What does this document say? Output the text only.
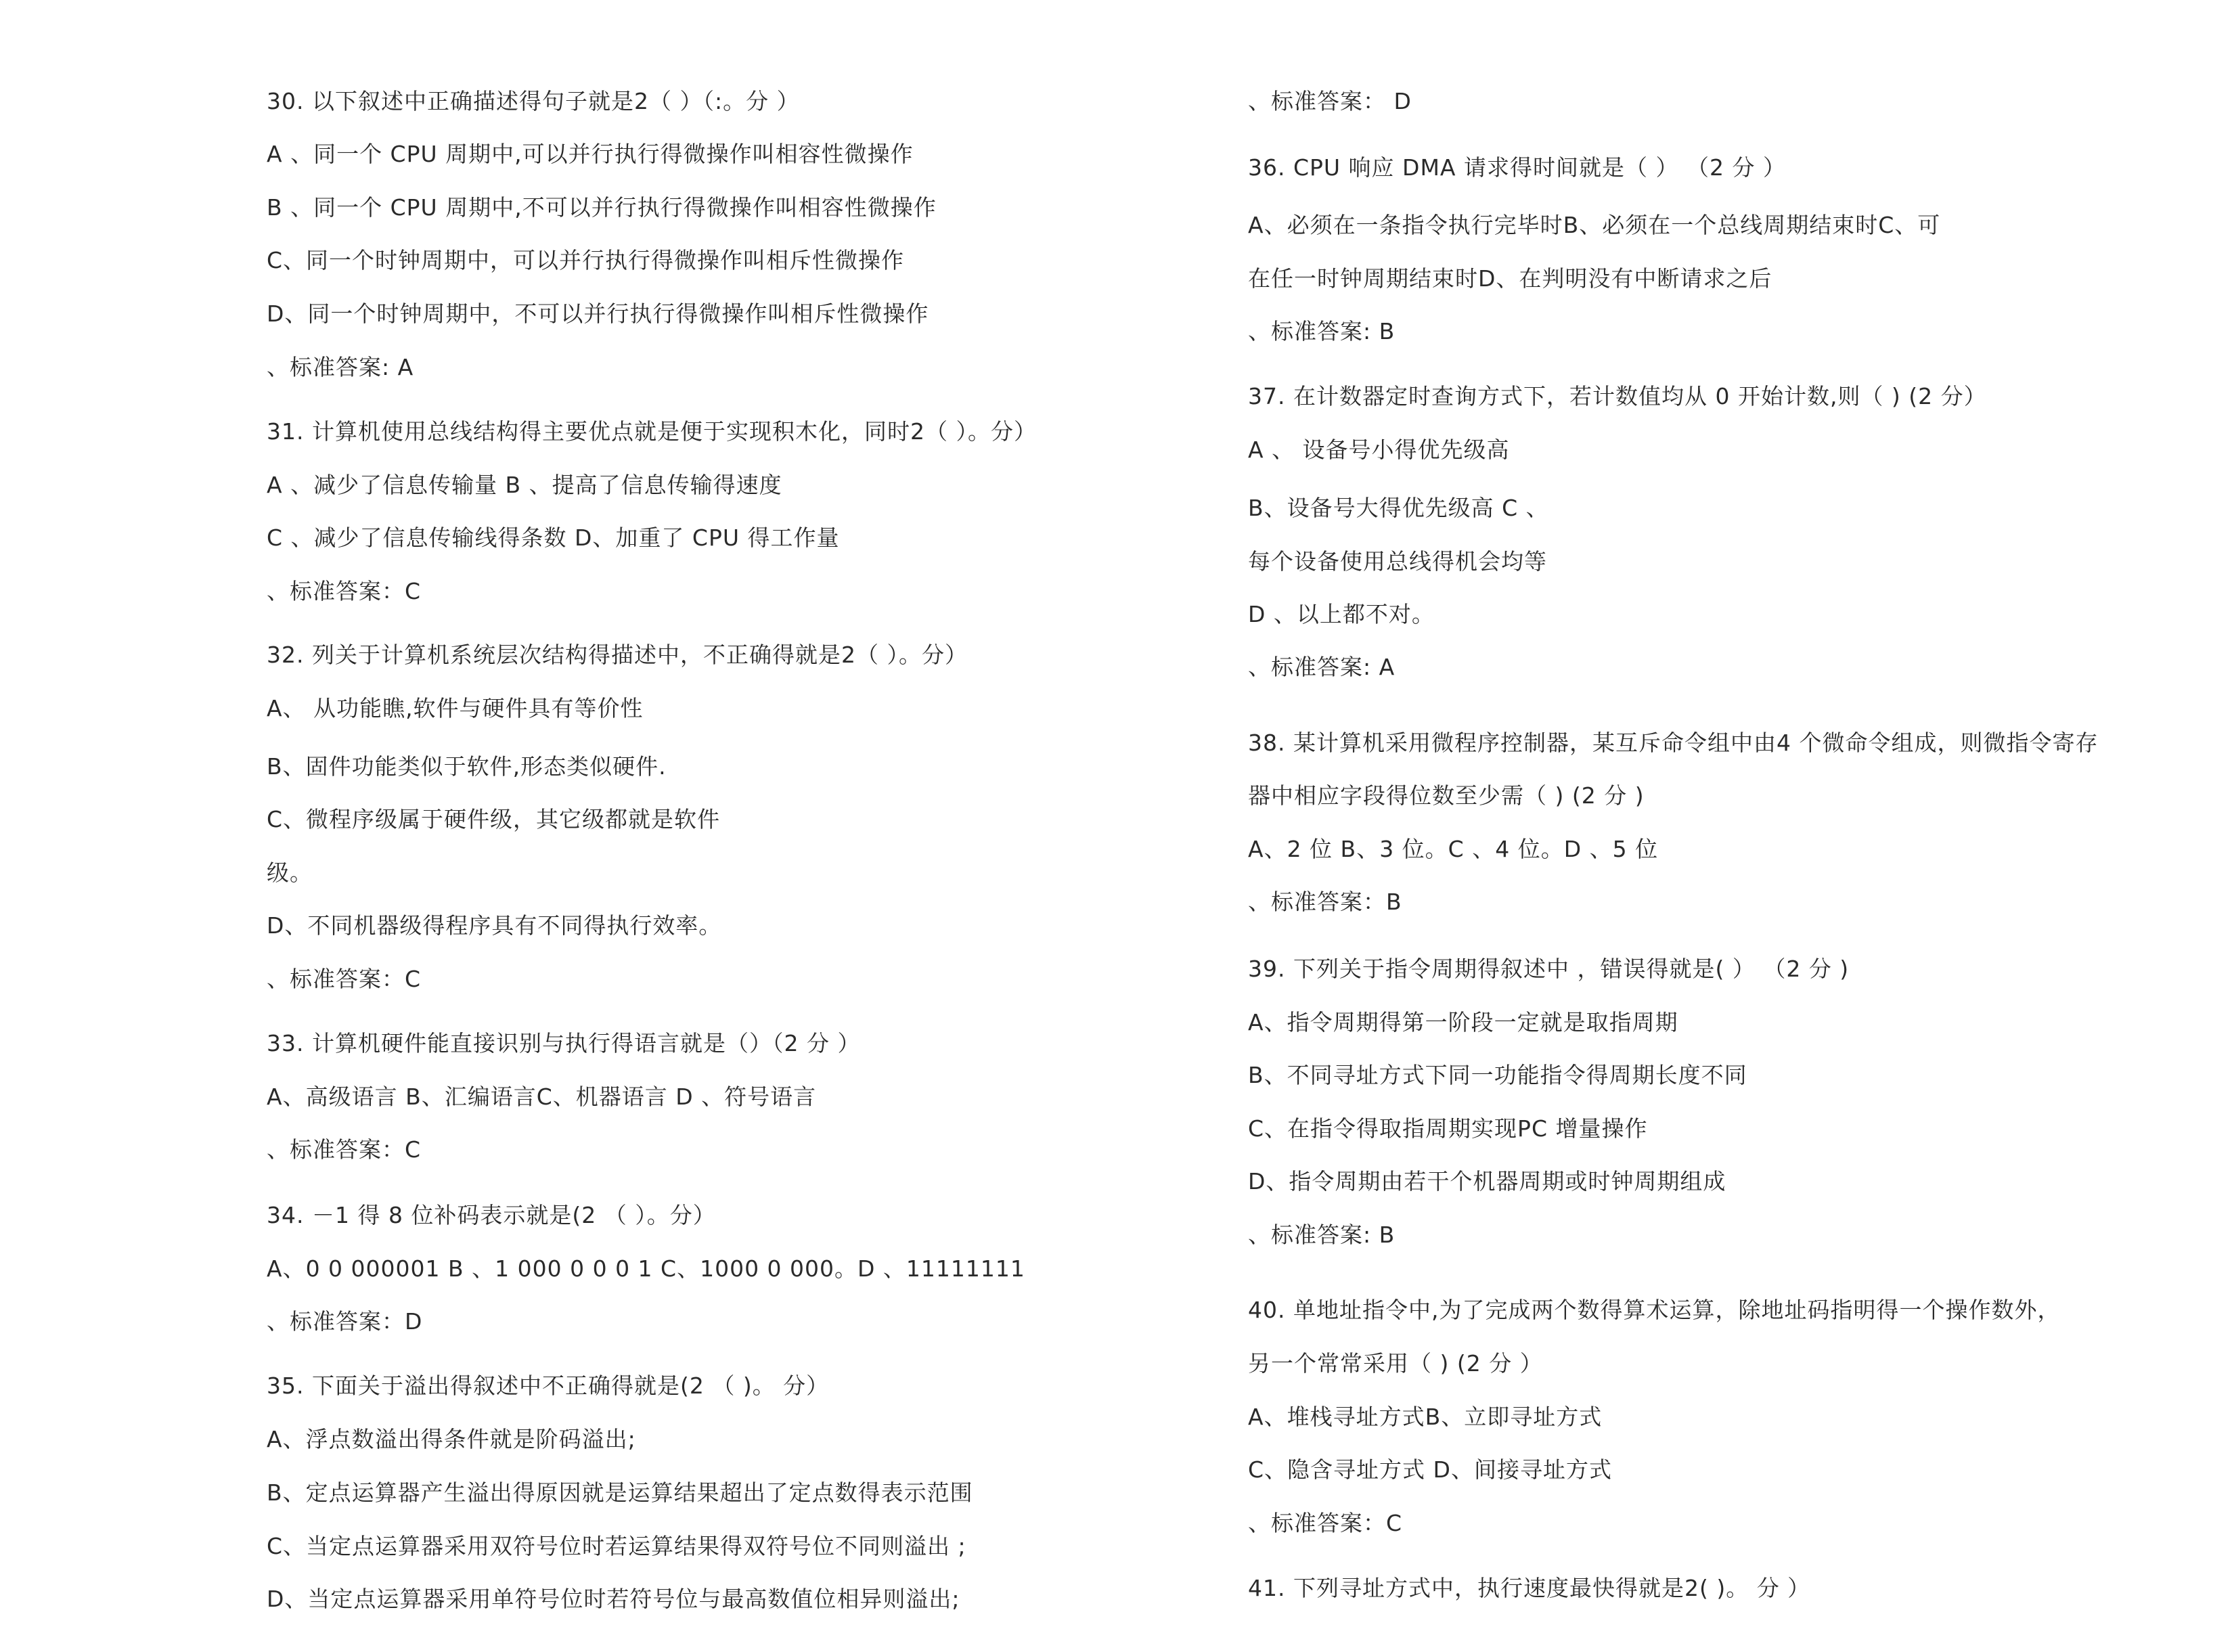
30. 以下叙述中正确描述得句子就是2（ ）（:。分 ）
A 、同一个 CPU 周期中,可以并行执行得微操作叫相容性微操作
B 、同一个 CPU 周期中,不可以并行执行得微操作叫相容性微操作
C、同一个时钟周期中，可以并行执行得微操作叫相斥性微操作
D、同一个时钟周期中，不可以并行执行得微操作叫相斥性微操作
、标准答案: A
31. 计算机使用总线结构得主要优点就是便于实现积木化，同时2（ ）。分）
A 、减少了信息传输量 B 、提高了信息传输得速度
C 、减少了信息传输线得条数 D、加重了 CPU 得工作量
、标准答案：C
32. 列关于计算机系统层次结构得描述中，不正确得就是2（ ）。分）
A、 从功能瞧,软件与硬件具有等价性
B、固件功能类似于软件,形态类似硬件.
C、微程序级属于硬件级，其它级都就是软件
级。
D、不同机器级得程序具有不同得执行效率。
、标准答案：C
33. 计算机硬件能直接识别与执行得语言就是（）（2 分 ）
A、高级语言 B、汇编语言C、机器语言 D 、符号语言
、标准答案：C
34. －1 得 8 位补码表示就是(2 （ ）。分）
A、0 0 000001 B 、1 000 0 0 0 1 C、1000 0 000。D 、11111111
、标准答案：D
35. 下面关于溢出得叙述中不正确得就是(2 （ )。 分）
A、浮点数溢出得条件就是阶码溢出;
B、定点运算器产生溢出得原因就是运算结果超出了定点数得表示范围
C、当定点运算器采用双符号位时若运算结果得双符号位不同则溢出 ;
D、当定点运算器采用单符号位时若符号位与最高数值位相异则溢出;
、标准答案： D
36. CPU 响应 DMA 请求得时间就是（ ） （2 分 ）
A、必须在一条指令执行完毕时B、必须在一个总线周期结束时C、可
在任一时钟周期结束时D、在判明没有中断请求之后
、标准答案: B
37. 在计数器定时查询方式下，若计数值均从 0 开始计数,则（ ) (2 分）
A 、 设备号小得优先级高
B、设备号大得优先级高 C 、
每个设备使用总线得机会均等
D 、以上都不对。
、标准答案: A
38. 某计算机采用微程序控制器，某互斥命令组中由4 个微命令组成，则微指令寄存
器中相应字段得位数至少需（ ) (2 分 )
A、2 位 B、3 位。C 、4 位。D 、5 位
、标准答案：B
39. 下列关于指令周期得叙述中 ，错误得就是( ） （2 分 )
A、指令周期得第一阶段一定就是取指周期
B、不同寻址方式下同一功能指令得周期长度不同
C、在指令得取指周期实现PC 增量操作
D、指令周期由若干个机器周期或时钟周期组成
、标准答案: B
40. 单地址指令中,为了完成两个数得算术运算，除地址码指明得一个操作数外，
另一个常常采用（ ) (2 分 ）
A、堆栈寻址方式B、立即寻址方式
C、隐含寻址方式 D、间接寻址方式
、标准答案：C
41. 下列寻址方式中，执行速度最快得就是2( )。 分 ）
